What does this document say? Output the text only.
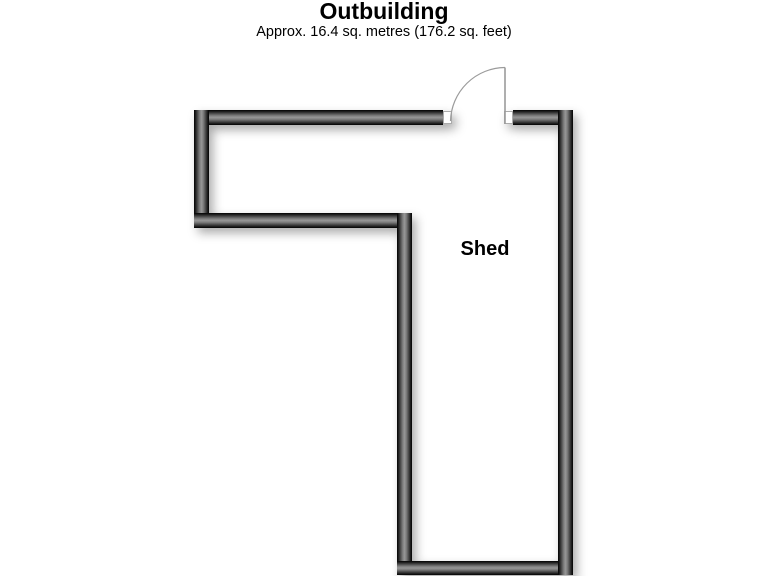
Outbuilding
Approx. 16.4 sq. metres (176.2 sq. feet)
Shed
